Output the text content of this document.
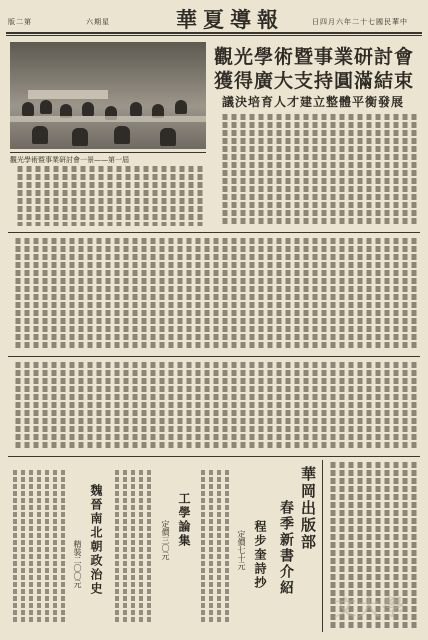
版二第	六期星	華夏導報	日四月六年二十七國民華中
觀光學術暨事業研討會
獲得廣大支持圓滿結束
議決培育人才建立整體平衡發展
觀光學術暨事業研討會一景——第一屆
華岡出版部
春季新書介紹
程步奎詩抄
定價七十元
工學論集
定價三〇元
魏晉南北朝政治史
精裝二〇〇元
文大學
